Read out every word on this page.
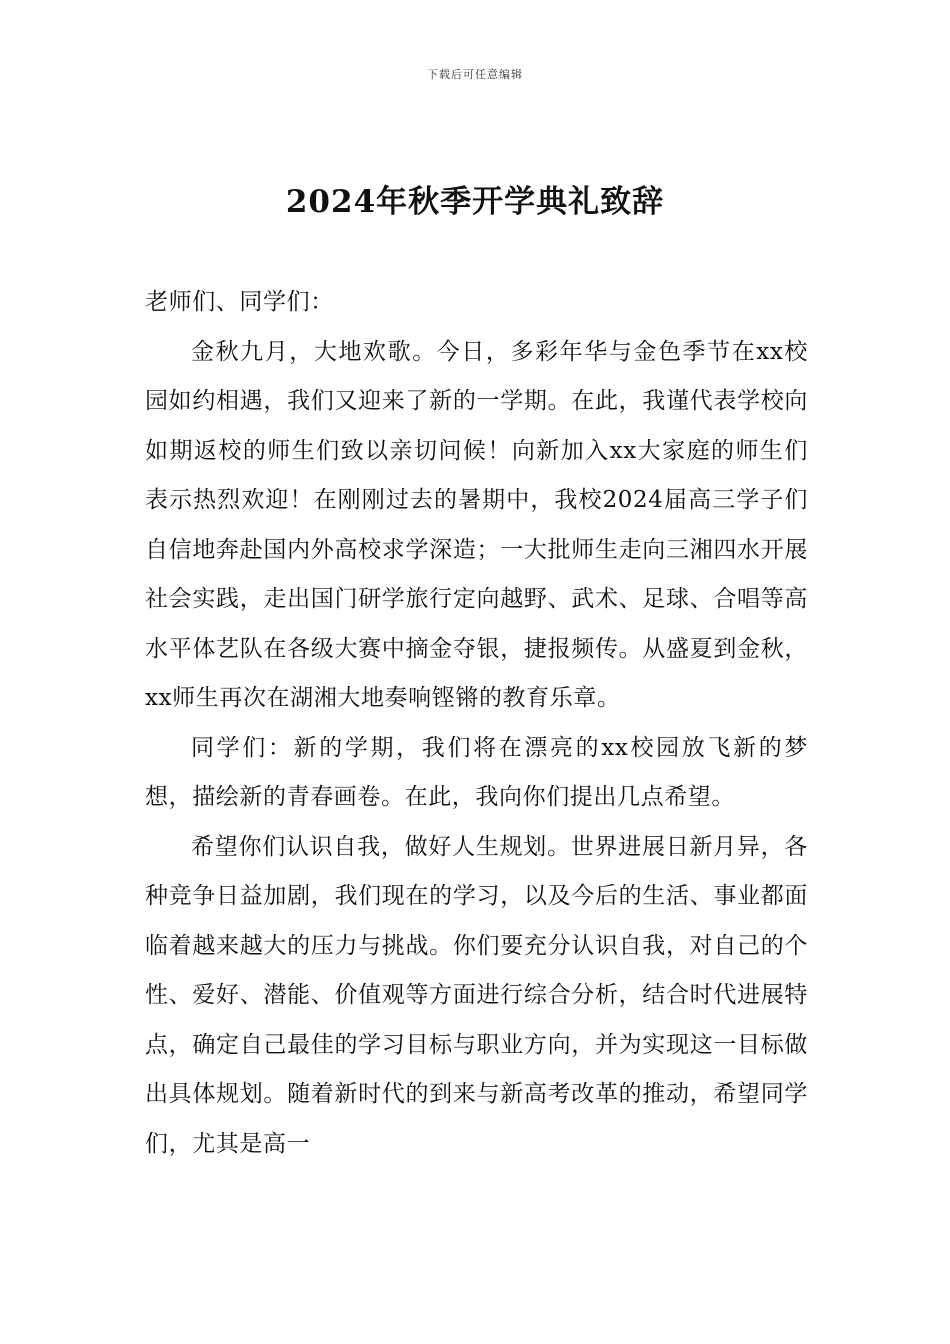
下载后可任意编辑
2024年秋季开学典礼致辞

老师们、同学们：

金秋九月，大地欢歌。今日，多彩年华与金色季节在xx校园如约相遇，我们又迎来了新的一学期。在此，我谨代表学校向如期返校的师生们致以亲切问候！向新加入xx大家庭的师生们表示热烈欢迎！在刚刚过去的暑期中，我校2024届高三学子们自信地奔赴国内外高校求学深造；一大批师生走向三湘四水开展社会实践，走出国门研学旅行定向越野、武术、足球、合唱等高水平体艺队在各级大赛中摘金夺银，捷报频传。从盛夏到金秋，xx师生再次在湖湘大地奏响铿锵的教育乐章。

同学们：新的学期，我们将在漂亮的xx校园放飞新的梦想，描绘新的青春画卷。在此，我向你们提出几点希望。

希望你们认识自我，做好人生规划。世界进展日新月异，各种竞争日益加剧，我们现在的学习，以及今后的生活、事业都面临着越来越大的压力与挑战。你们要充分认识自我，对自己的个性、爱好、潜能、价值观等方面进行综合分析，结合时代进展特点，确定自己最佳的学习目标与职业方向，并为实现这一目标做出具体规划。随着新时代的到来与新高考改革的推动，希望同学们，尤其是高一
